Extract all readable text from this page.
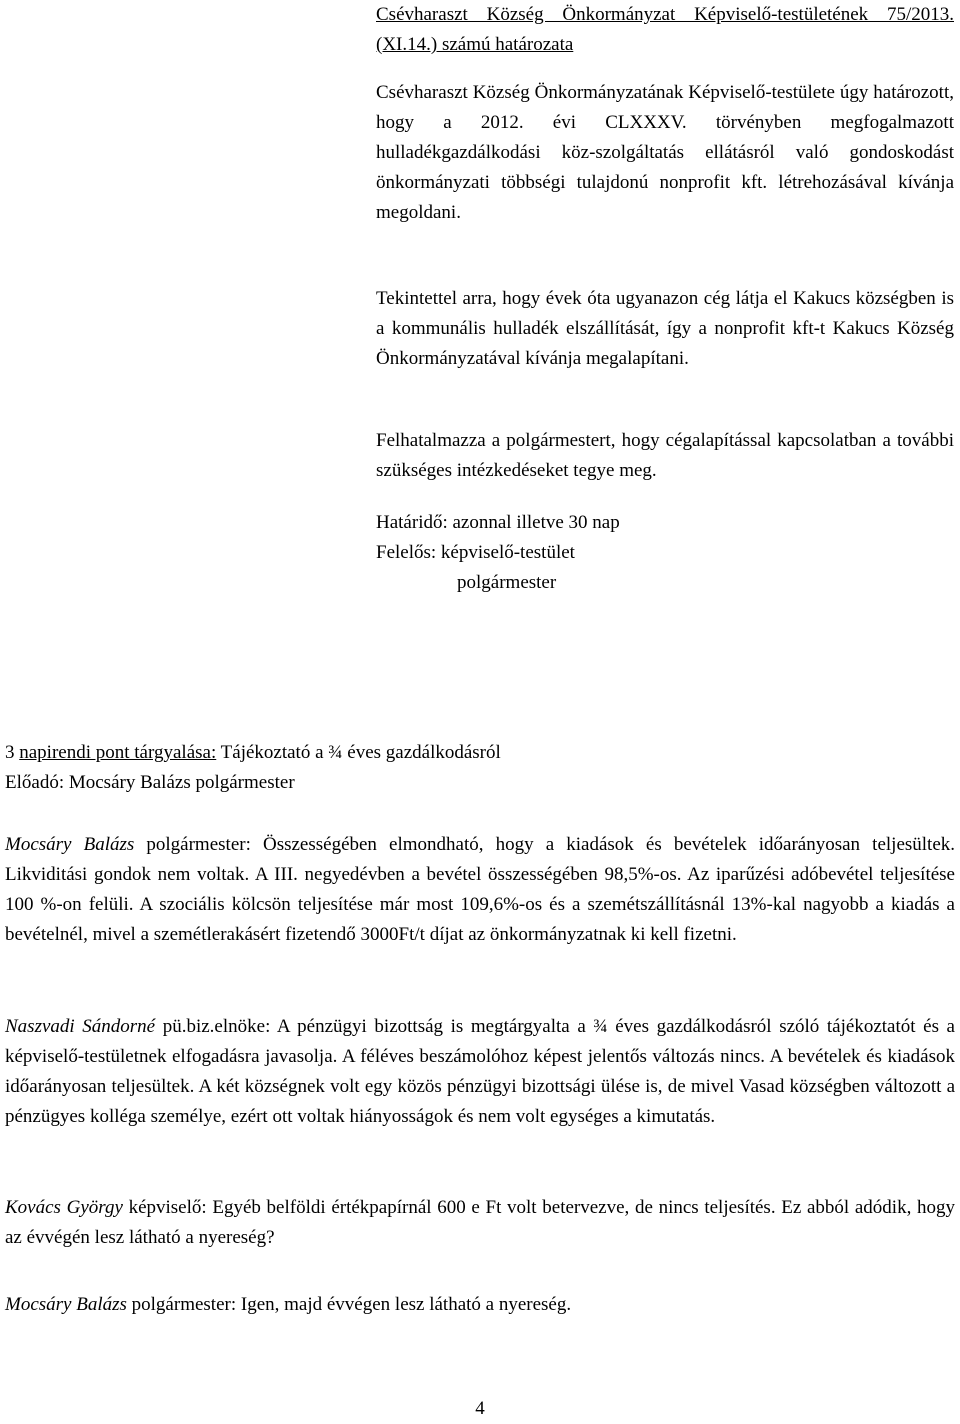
Csévharaszt Község Önkormányzat Képviselő-testületének 75/2013.(XI.14.) számú határozata

Csévharaszt Község Önkormányzatának Képviselő-testülete úgy határozott, hogy a 2012. évi CLXXXV. törvényben megfogalmazott hulladékgazdálkodási köz-szolgáltatás ellátásról való gondoskodást önkormányzati többségi tulajdonú nonprofit kft. létrehozásával kívánja megoldani.

Tekintettel arra, hogy évek óta ugyanazon cég látja el Kakucs községben is a kommunális hulladék elszállítását, így a nonprofit kft-t Kakucs Község Önkormányzatával kívánja megalapítani.

Felhatalmazza a polgármestert, hogy cégalapítással kapcsolatban a további szükséges intézkedéseket tegye meg.

Határidő: azonnal illetve 30 nap

Felelős: képviselő-testület

polgármester

3 napirendi pont tárgyalása: Tájékoztató a ¾ éves gazdálkodásról

Előadó: Mocsáry Balázs polgármester

Mocsáry Balázs polgármester: Összességében elmondható, hogy a kiadások és bevételek időarányosan teljesültek. Likviditási gondok nem voltak. A III. negyedévben a bevétel összességében 98,5%-os. Az iparűzési adóbevétel teljesítése 100 %-on felüli. A szociális kölcsön teljesítése már most 109,6%-os és a szemétszállításnál 13%-kal nagyobb a kiadás a bevételnél, mivel a szemétlerakásért fizetendő 3000Ft/t díjat az önkormányzatnak ki kell fizetni.

Naszvadi Sándorné pü.biz.elnöke: A pénzügyi bizottság is megtárgyalta a ¾ éves gazdálkodásról szóló tájékoztatót és a képviselő-testületnek elfogadásra javasolja. A féléves beszámolóhoz képest jelentős változás nincs. A bevételek és kiadások időarányosan teljesültek. A két községnek volt egy közös pénzügyi bizottsági ülése is, de mivel Vasad községben változott a pénzügyes kolléga személye, ezért ott voltak hiányosságok és nem volt egységes a kimutatás.

Kovács György képviselő: Egyéb belföldi értékpapírnál 600 e Ft volt betervezve, de nincs teljesítés. Ez abból adódik, hogy az évvégén lesz látható a nyereség?

Mocsáry Balázs polgármester: Igen, majd évvégen lesz látható a nyereség.

4
